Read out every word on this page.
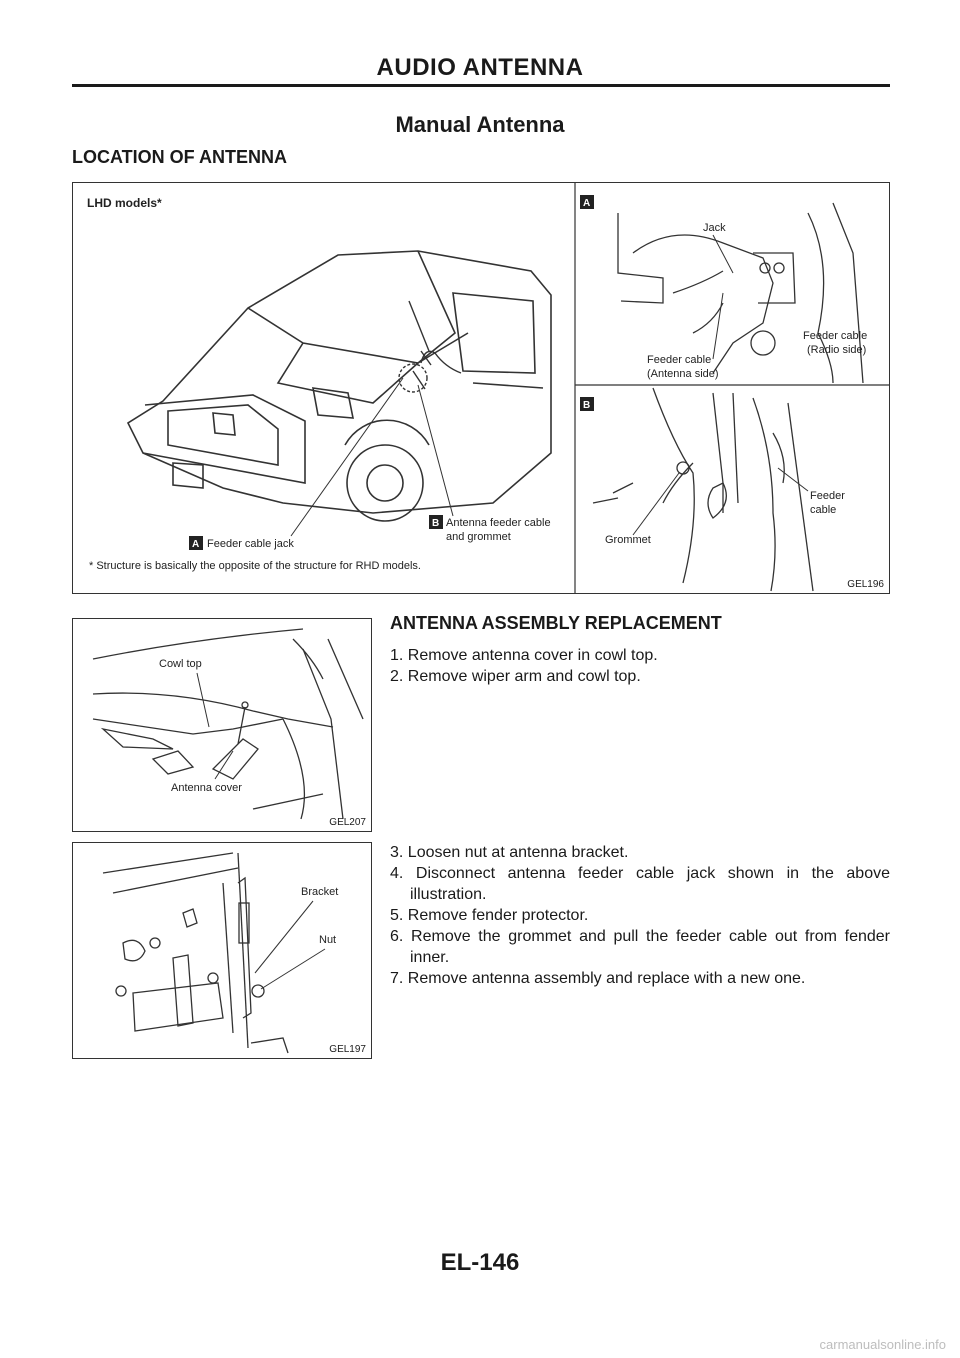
AUDIO ANTENNA
Manual Antenna
LOCATION OF ANTENNA
LHD models*
A Feeder cable jack
B Antenna feeder cable
and grommet
* Structure is basically the opposite of the structure for RHD models.
A
Jack
Feeder cable
(Radio side)
Feeder cable
(Antenna side)
B
Grommet
Feeder
cable
GEL196
Cowl top
Antenna cover
GEL207
Bracket
Nut
GEL197
ANTENNA ASSEMBLY REPLACEMENT
1. Remove antenna cover in cowl top.
2. Remove wiper arm and cowl top.
3. Loosen nut at antenna bracket.
4. Disconnect antenna feeder cable jack shown in the above illustration.
5. Remove fender protector.
6. Remove the grommet and pull the feeder cable out from fender inner.
7. Remove antenna assembly and replace with a new one.
EL-146
carmanualsonline.info
